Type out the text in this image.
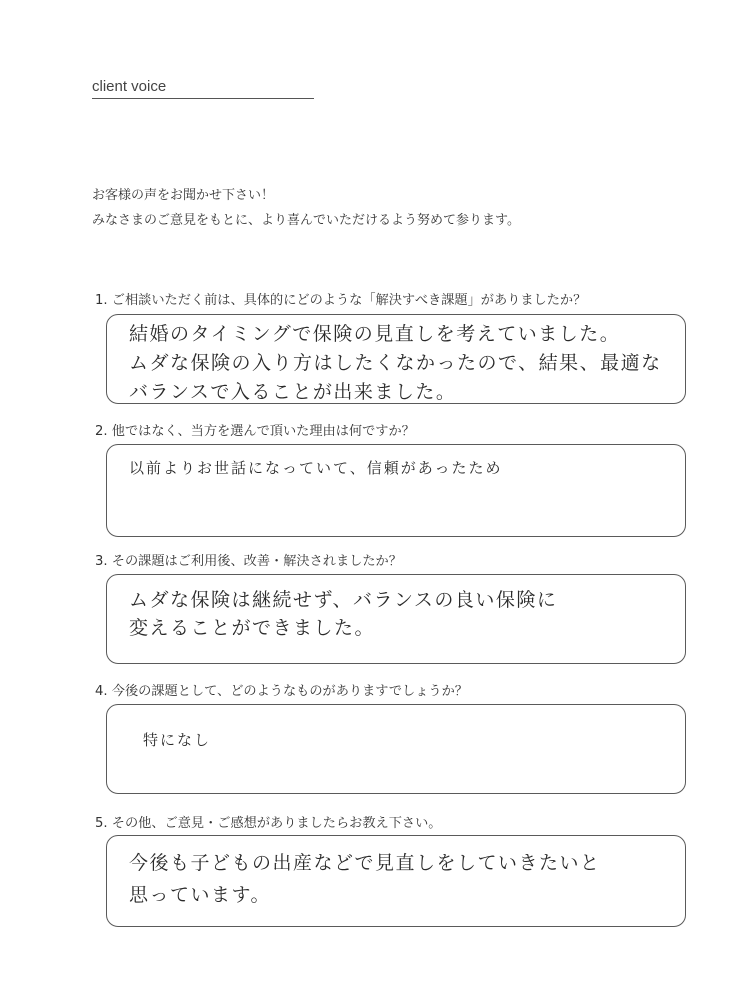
client voice
お客様の声をお聞かせ下さい！
みなさまのご意見をもとに、より喜んでいただけるよう努めて参ります。
1. ご相談いただく前は、具体的にどのような「解決すべき課題」がありましたか？
結婚のタイミングで保険の見直しを考えていました。
ムダな保険の入り方はしたくなかったので、結果、最適な
バランスで入ることが出来ました。
2. 他ではなく、当方を選んで頂いた理由は何ですか？
以前よりお世話になっていて、信頼があったため
3. その課題はご利用後、改善・解決されましたか？
ムダな保険は継続せず、バランスの良い保険に
変えることができました。
4. 今後の課題として、どのようなものがありますでしょうか？
特になし
5. その他、ご意見・ご感想がありましたらお教え下さい。
今後も子どもの出産などで見直しをしていきたいと
思っています。
